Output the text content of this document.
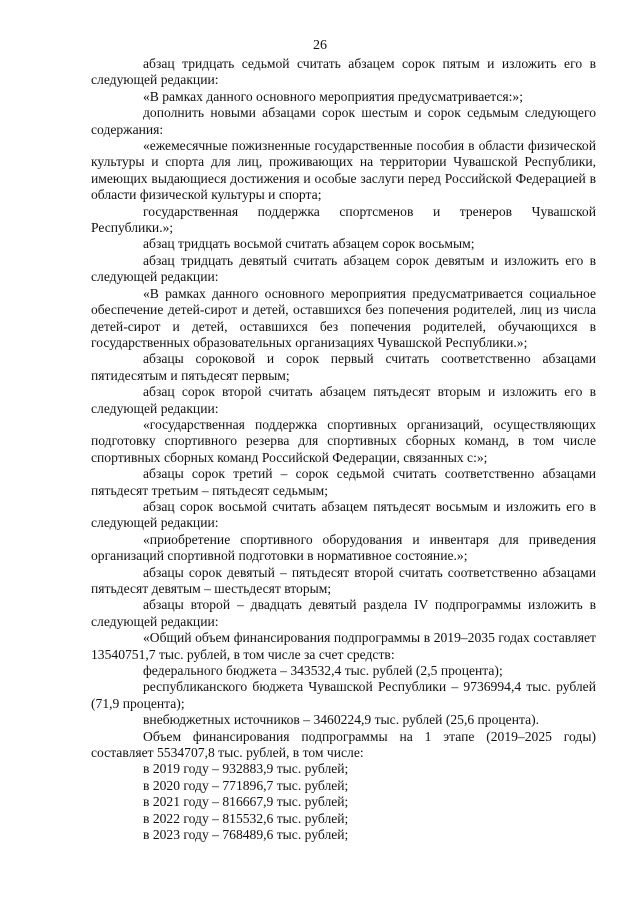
26

абзац тридцать седьмой считать абзацем сорок пятым и изложить его в следующей редакции:

«В рамках данного основного мероприятия предусматривается:»;

дополнить новыми абзацами сорок шестым и сорок седьмым следующего содержания:

«ежемесячные пожизненные государственные пособия в области физической культуры и спорта для лиц, проживающих на территории Чувашской Республики, имеющих выдающиеся достижения и особые заслуги перед Российской Федерацией в области физической культуры и спорта;

государственная поддержка спортсменов и тренеров Чувашской Республики.»;

абзац тридцать восьмой считать абзацем сорок восьмым;

абзац тридцать девятый считать абзацем сорок девятым и изложить его в следующей редакции:

«В рамках данного основного мероприятия предусматривается социальное обеспечение детей-сирот и детей, оставшихся без попечения родителей, лиц из числа детей-сирот и детей, оставшихся без попечения родителей, обучающихся в государственных образовательных организациях Чувашской Республики.»;

абзацы сороковой и сорок первый считать соответственно абзацами пятидесятым и пятьдесят первым;

абзац сорок второй считать абзацем пятьдесят вторым и изложить его в следующей редакции:

«государственная поддержка спортивных организаций, осуществляющих подготовку спортивного резерва для спортивных сборных команд, в том числе спортивных сборных команд Российской Федерации, связанных с:»;

абзацы сорок третий – сорок седьмой считать соответственно абзацами пятьдесят третьим – пятьдесят седьмым;

абзац сорок восьмой считать абзацем пятьдесят восьмым и изложить его в следующей редакции:

«приобретение спортивного оборудования и инвентаря для приведения организаций спортивной подготовки в нормативное состояние.»;

абзацы сорок девятый – пятьдесят второй считать соответственно абзацами пятьдесят девятым – шестьдесят вторым;

абзацы второй – двадцать девятый раздела IV подпрограммы изложить в следующей редакции:

«Общий объем финансирования подпрограммы в 2019–2035 годах составляет 13540751,7 тыс. рублей, в том числе за счет средств:

федерального бюджета – 343532,4 тыс. рублей (2,5 процента);

республиканского бюджета Чувашской Республики – 9736994,4 тыс. рублей (71,9 процента);

внебюджетных источников – 3460224,9 тыс. рублей (25,6 процента).

Объем финансирования подпрограммы на 1 этапе (2019–2025 годы) составляет 5534707,8 тыс. рублей, в том числе:

в 2019 году – 932883,9 тыс. рублей;

в 2020 году – 771896,7 тыс. рублей;

в 2021 году – 816667,9 тыс. рублей;

в 2022 году – 815532,6 тыс. рублей;

в 2023 году – 768489,6 тыс. рублей;
